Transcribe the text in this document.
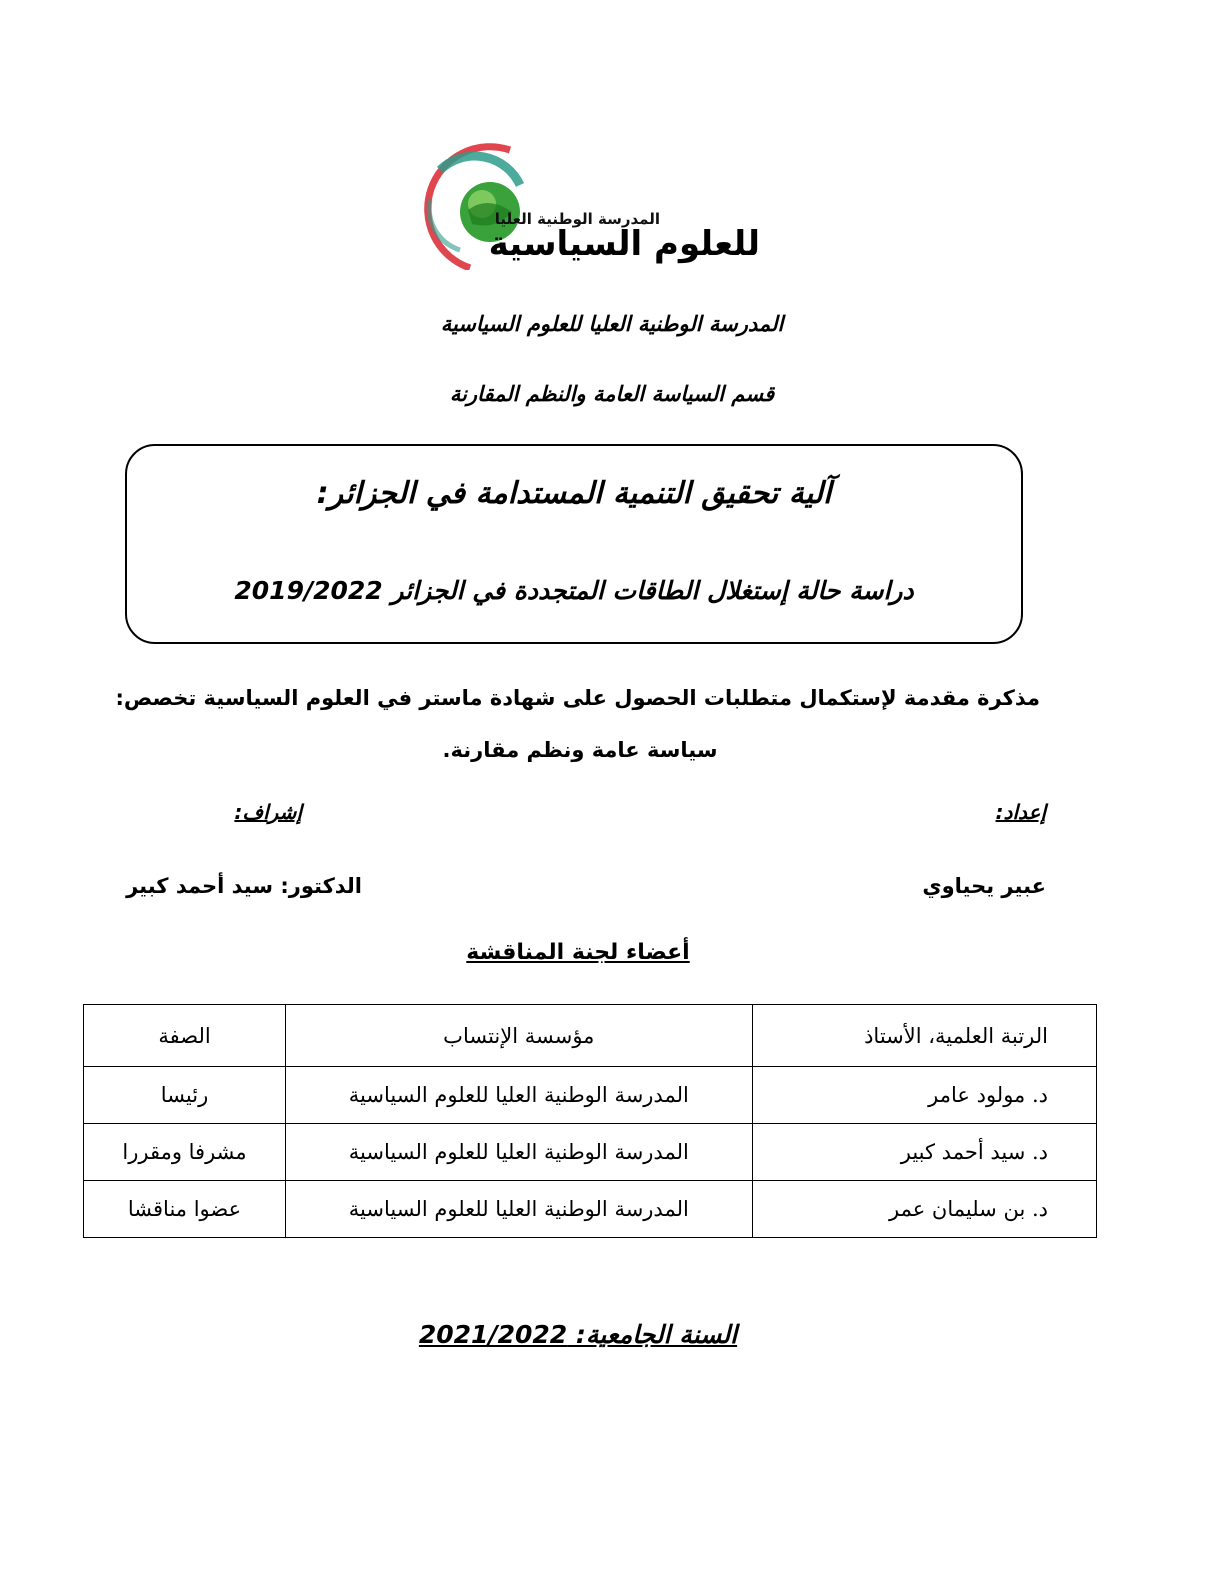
المدرسة الوطنية العليا
للعلوم السياسية
المدرسة الوطنية العليا للعلوم السياسية
قسم السياسة العامة والنظم المقارنة
آلية تحقيق التنمية المستدامة في الجزائر:
دراسة حالة إستغلال الطاقات المتجددة في الجزائر 2019/2022
مذكرة مقدمة لإستكمال متطلبات الحصول على شهادة ماستر في العلوم السياسية تخصص:
سياسة عامة ونظم مقارنة.
إعداد:
إشراف:
عبير يحياوي
الدكتور: سيد أحمد كبير
أعضاء لجنة المناقشة
الرتبة العلمية، الأستاذ	مؤسسة الإنتساب	الصفة
د. مولود عامر	المدرسة الوطنية العليا للعلوم السياسية	رئيسا
د. سيد أحمد كبير	المدرسة الوطنية العليا للعلوم السياسية	مشرفا ومقررا
د. بن سليمان عمر	المدرسة الوطنية العليا للعلوم السياسية	عضوا مناقشا
السنة الجامعية: 2021/2022
